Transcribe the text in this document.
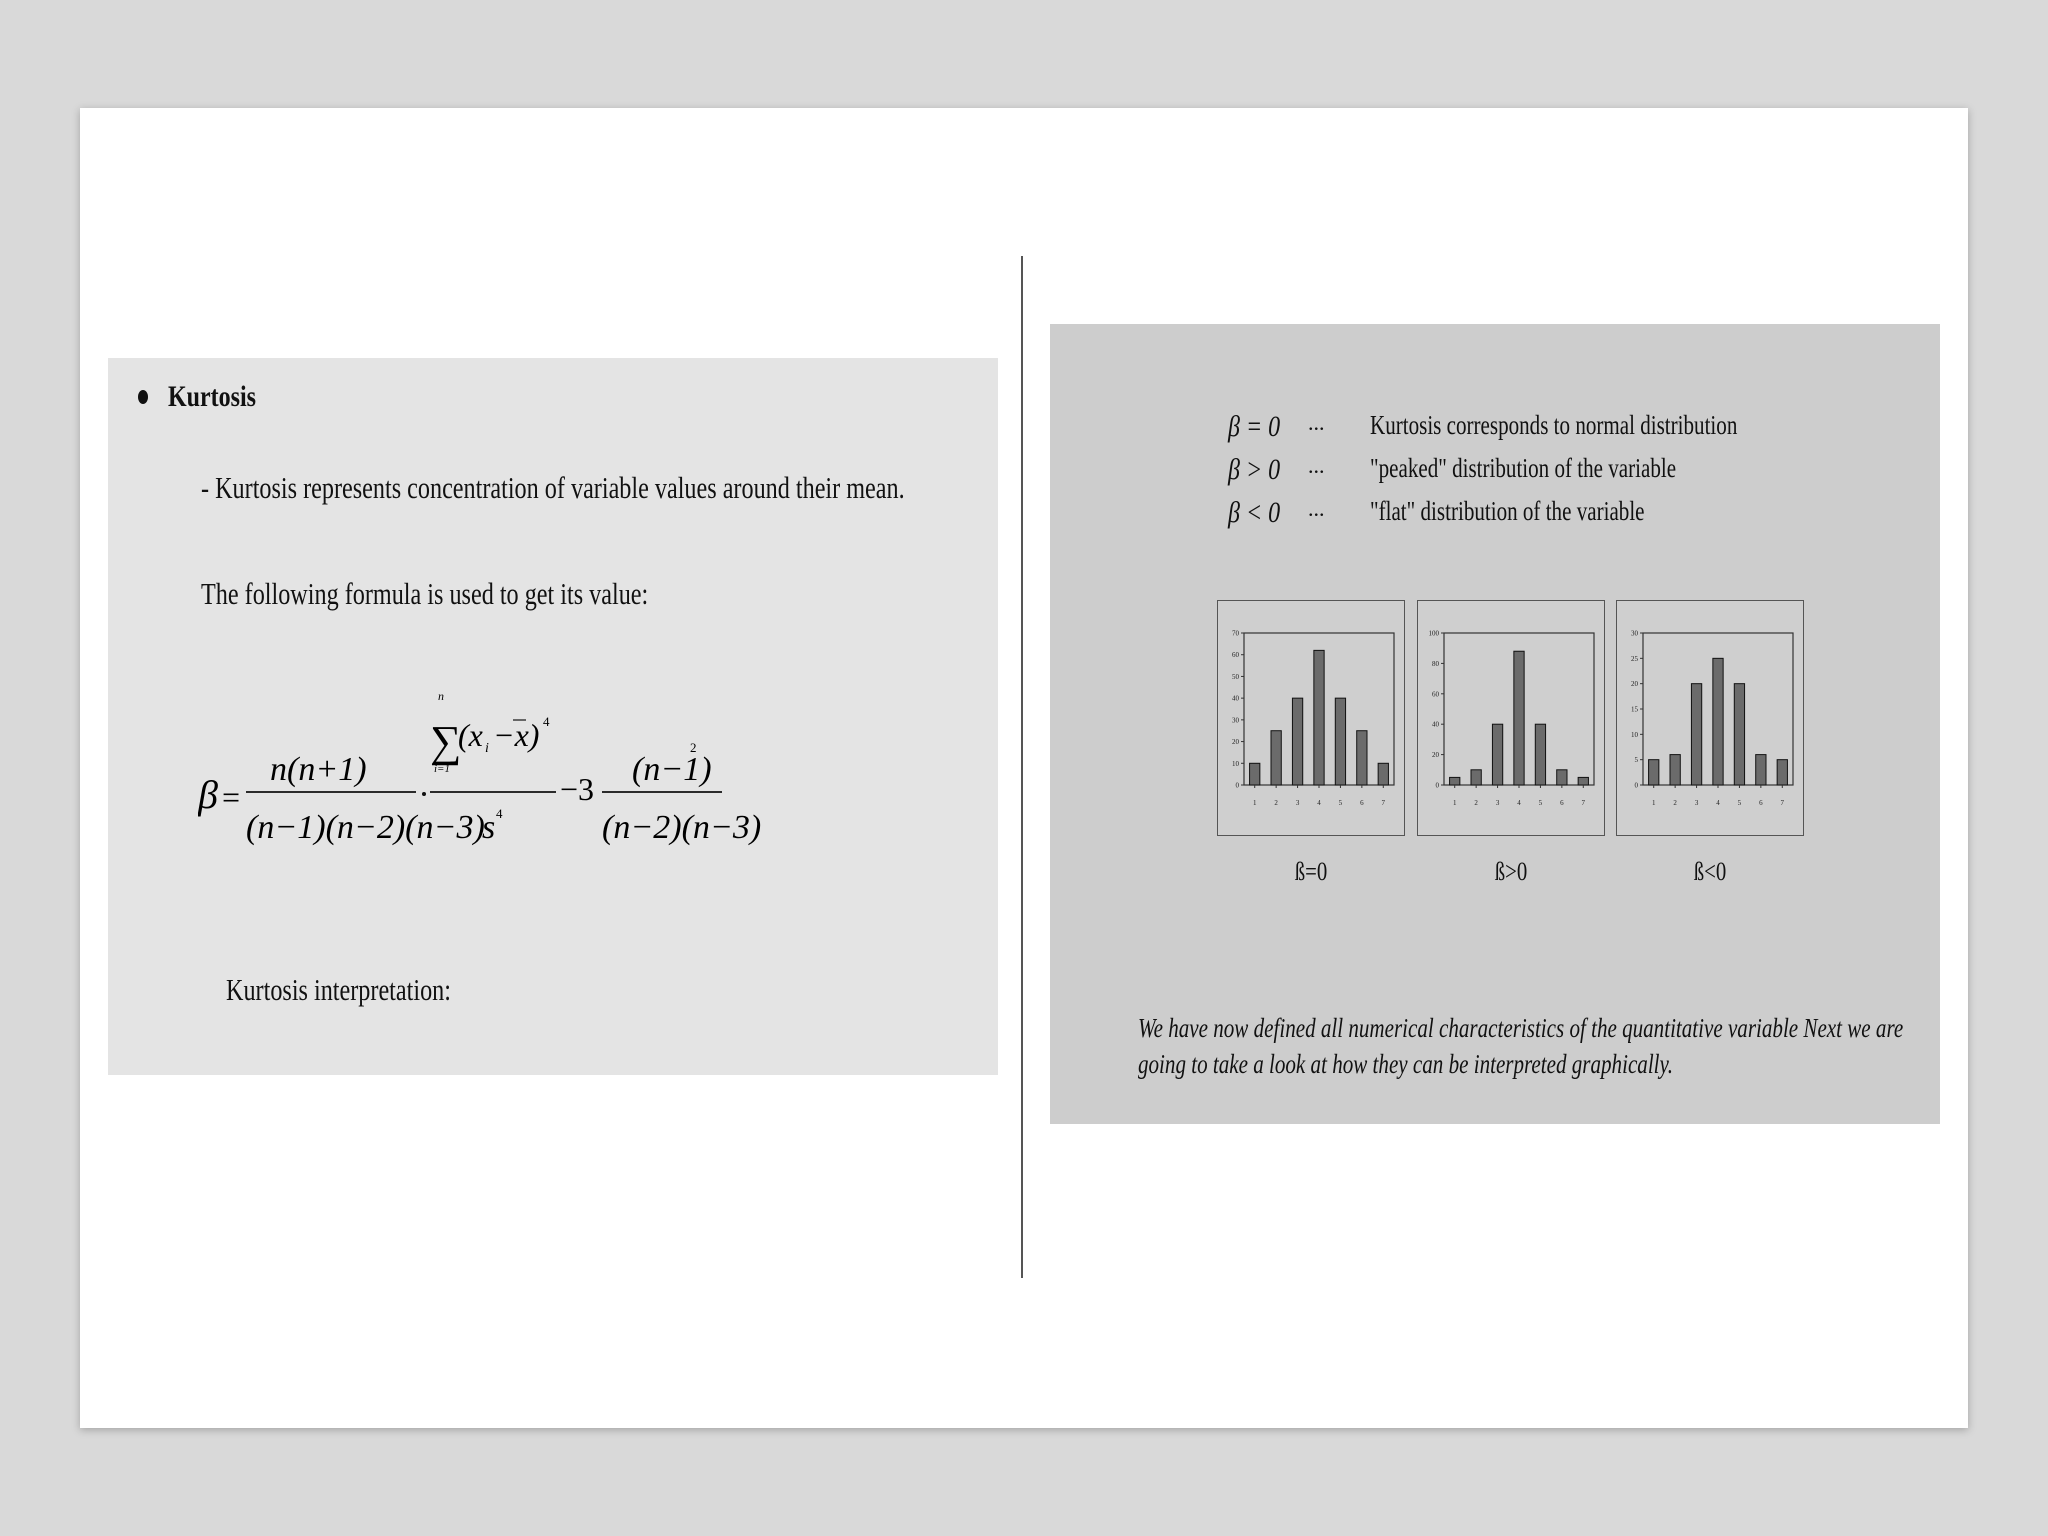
Kurtosis
- Kurtosis represents concentration of variable values around their mean.
The following formula is used to get its value:
β =
n(n+1)
(n−1)(n−2)(n−3)
n
∑
i=1
(x i −x) 4
s 4
−3
(n−1)
2
(n−2)(n−3)
Kurtosis interpretation:
β = 0 ... Kurtosis corresponds to normal distribution
β > 0 ... "peaked" distribution of the variable
β < 0 ... "flat" distribution of the variable
0
10
20
30
40
50
60
70
1	2	3	4	5	6	7
0
20
40
60
80
100
1	2	3	4	5	6	7
0
5
10
15
20
25
30
1	2	3	4	5	6	7
ß=0	ß>0	ß<0
We have now defined all numerical characteristics of the quantitative variable Next we are
going to take a look at how they can be interpreted graphically.
